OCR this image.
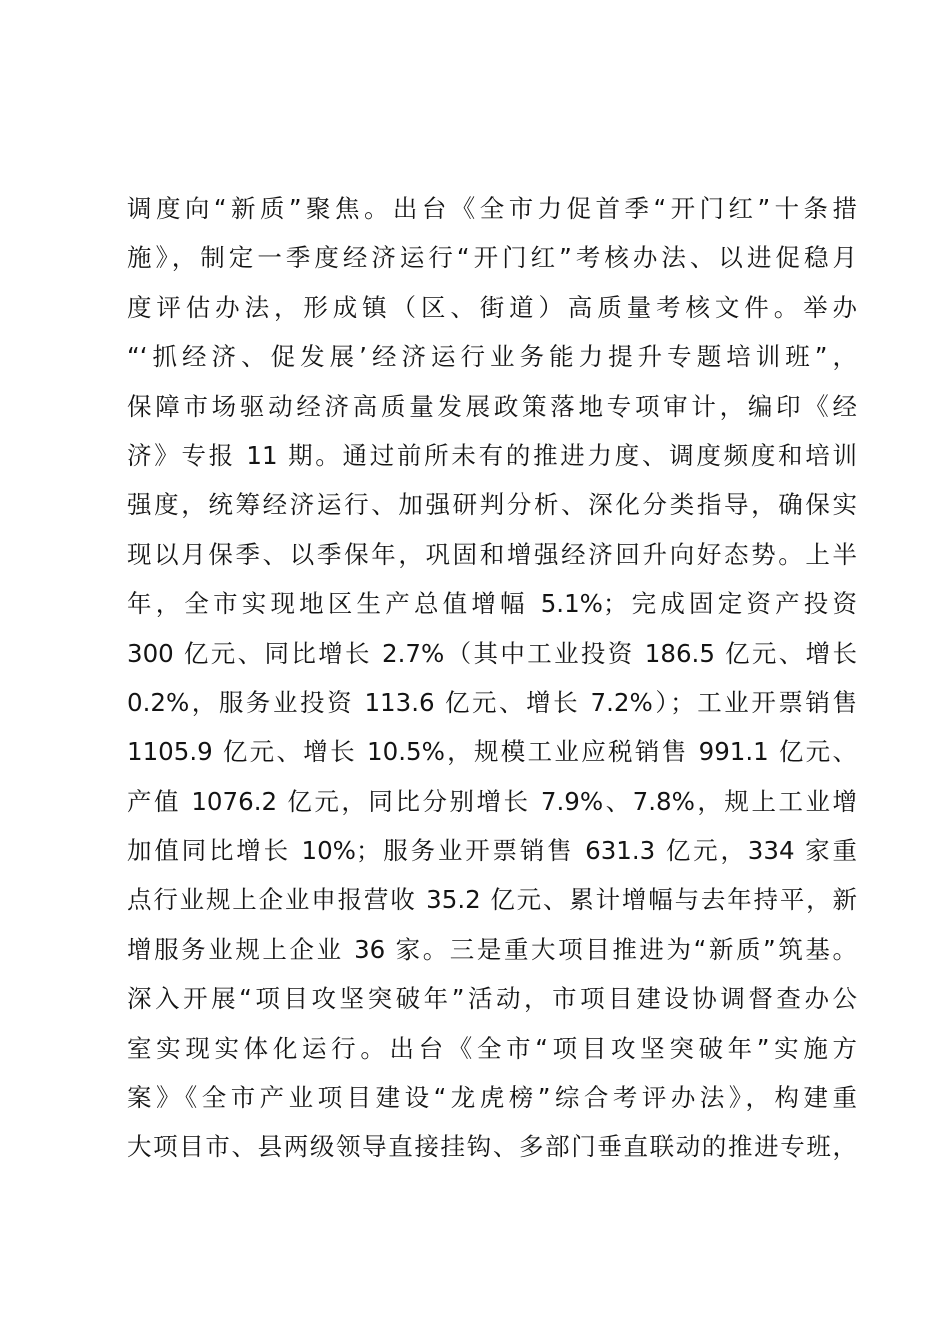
调度向“新质”聚焦。出台《全市力促首季“开门红”十条措
施》，制定一季度经济运行“开门红”考核办法、以进促稳月
度评估办法，形成镇（区、街道）高质量考核文件。举办
“‘抓经济、促发展’经济运行业务能力提升专题培训班”，
保障市场驱动经济高质量发展政策落地专项审计，编印《经
济》专报 11 期。通过前所未有的推进力度、调度频度和培训
强度，统筹经济运行、加强研判分析、深化分类指导，确保实
现以月保季、以季保年，巩固和增强经济回升向好态势。上半
年，全市实现地区生产总值增幅 5.1%；完成固定资产投资
300 亿元、同比增长 2.7%（其中工业投资 186.5 亿元、增长
0.2%，服务业投资 113.6 亿元、增长 7.2%）；工业开票销售
1105.9 亿元、增长 10.5%，规模工业应税销售 991.1 亿元、
产值 1076.2 亿元，同比分别增长 7.9%、7.8%，规上工业增
加值同比增长 10%；服务业开票销售 631.3 亿元，334 家重
点行业规上企业申报营收 35.2 亿元、累计增幅与去年持平，新
增服务业规上企业 36 家。三是重大项目推进为“新质”筑基。
深入开展“项目攻坚突破年”活动，市项目建设协调督查办公
室实现实体化运行。出台《全市“项目攻坚突破年”实施方
案》《全市产业项目建设“龙虎榜”综合考评办法》，构建重
大项目市、县两级领导直接挂钩、多部门垂直联动的推进专班，
